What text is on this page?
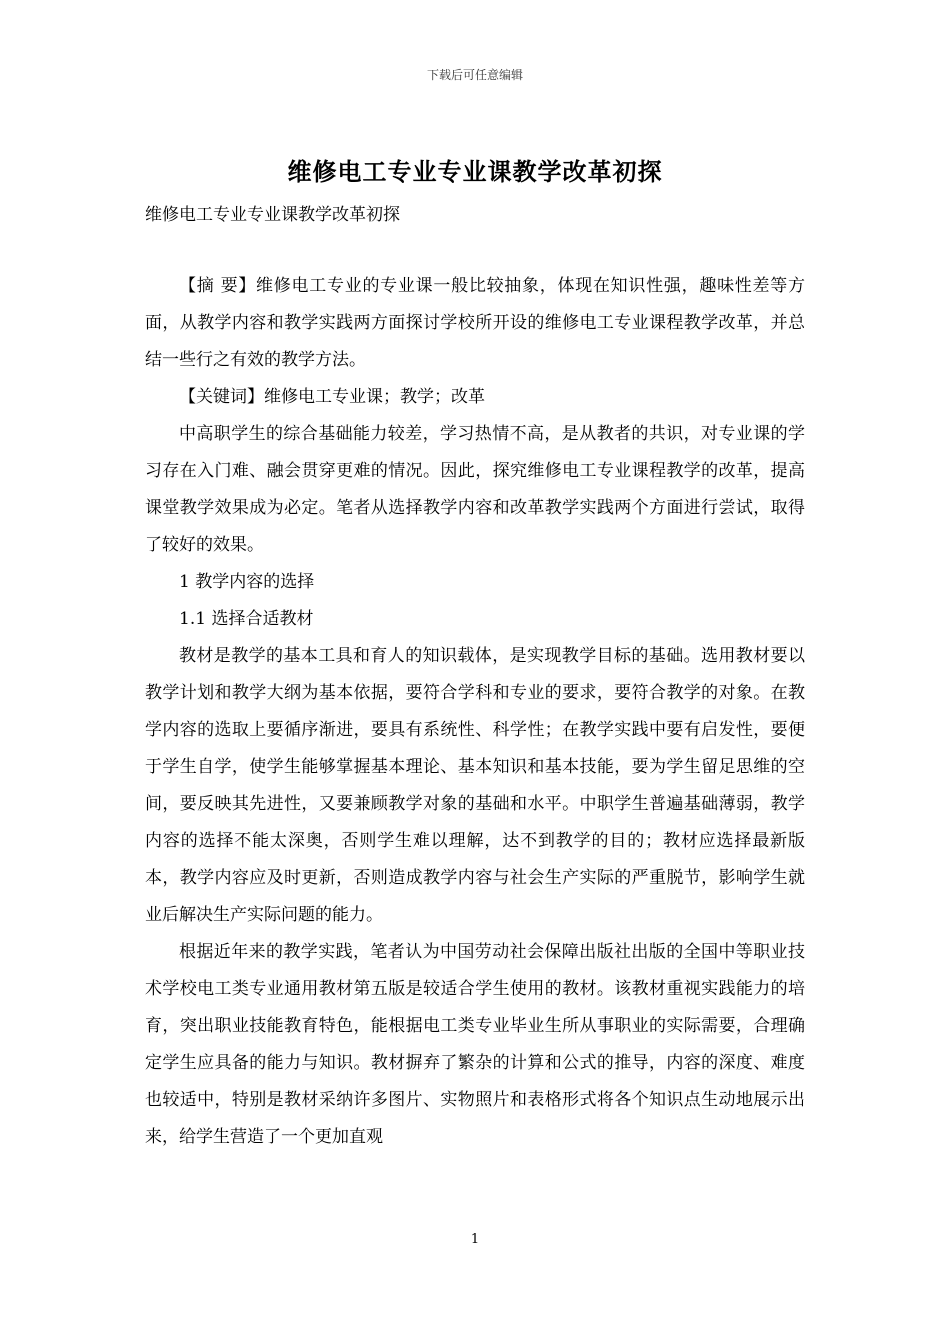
下载后可任意编辑
维修电工专业专业课教学改革初探
维修电工专业专业课教学改革初探

【摘 要】维修电工专业的专业课一般比较抽象，体现在知识性强，趣味性差等方面，从教学内容和教学实践两方面探讨学校所开设的维修电工专业课程教学改革，并总结一些行之有效的教学方法。

【关键词】维修电工专业课；教学；改革

中高职学生的综合基础能力较差，学习热情不高，是从教者的共识，对专业课的学习存在入门难、融会贯穿更难的情况。因此，探究维修电工专业课程教学的改革，提高课堂教学效果成为必定。笔者从选择教学内容和改革教学实践两个方面进行尝试，取得了较好的效果。

1 教学内容的选择

1.1 选择合适教材

教材是教学的基本工具和育人的知识载体，是实现教学目标的基础。选用教材要以教学计划和教学大纲为基本依据，要符合学科和专业的要求，要符合教学的对象。在教学内容的选取上要循序渐进，要具有系统性、科学性；在教学实践中要有启发性，要便于学生自学，使学生能够掌握基本理论、基本知识和基本技能，要为学生留足思维的空间，要反映其先进性，又要兼顾教学对象的基础和水平。中职学生普遍基础薄弱，教学内容的选择不能太深奥，否则学生难以理解，达不到教学的目的；教材应选择最新版本，教学内容应及时更新，否则造成教学内容与社会生产实际的严重脱节，影响学生就业后解决生产实际问题的能力。

根据近年来的教学实践，笔者认为中国劳动社会保障出版社出版的全国中等职业技术学校电工类专业通用教材第五版是较适合学生使用的教材。该教材重视实践能力的培育，突出职业技能教育特色，能根据电工类专业毕业生所从事职业的实际需要，合理确定学生应具备的能力与知识。教材摒弃了繁杂的计算和公式的推导，内容的深度、难度也较适中，特别是教材采纳许多图片、实物照片和表格形式将各个知识点生动地展示出来，给学生营造了一个更加直观

1
